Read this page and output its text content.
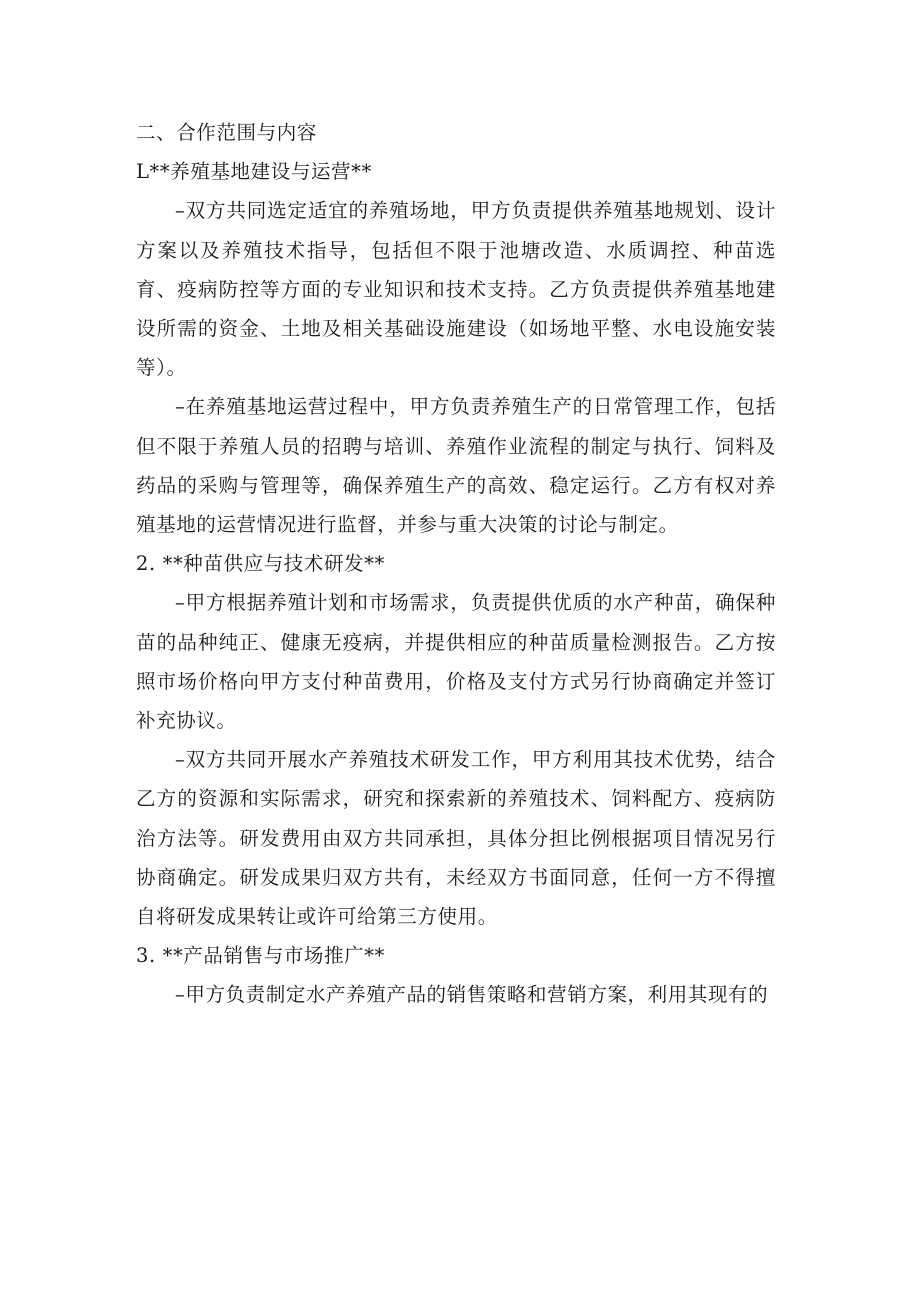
二、合作范围与内容

L**养殖基地建设与运营**

–双方共同选定适宜的养殖场地，甲方负责提供养殖基地规划、设计方案以及养殖技术指导，包括但不限于池塘改造、水质调控、种苗选育、疫病防控等方面的专业知识和技术支持。乙方负责提供养殖基地建设所需的资金、土地及相关基础设施建设（如场地平整、水电设施安装等）。

–在养殖基地运营过程中，甲方负责养殖生产的日常管理工作，包括但不限于养殖人员的招聘与培训、养殖作业流程的制定与执行、饲料及药品的采购与管理等，确保养殖生产的高效、稳定运行。乙方有权对养殖基地的运营情况进行监督，并参与重大决策的讨论与制定。

2. **种苗供应与技术研发**

–甲方根据养殖计划和市场需求，负责提供优质的水产种苗，确保种苗的品种纯正、健康无疫病，并提供相应的种苗质量检测报告。乙方按照市场价格向甲方支付种苗费用，价格及支付方式另行协商确定并签订补充协议。

–双方共同开展水产养殖技术研发工作，甲方利用其技术优势，结合乙方的资源和实际需求，研究和探索新的养殖技术、饲料配方、疫病防治方法等。研发费用由双方共同承担，具体分担比例根据项目情况另行协商确定。研发成果归双方共有，未经双方书面同意，任何一方不得擅自将研发成果转让或许可给第三方使用。

3. **产品销售与市场推广**

–甲方负责制定水产养殖产品的销售策略和营销方案，利用其现有的
